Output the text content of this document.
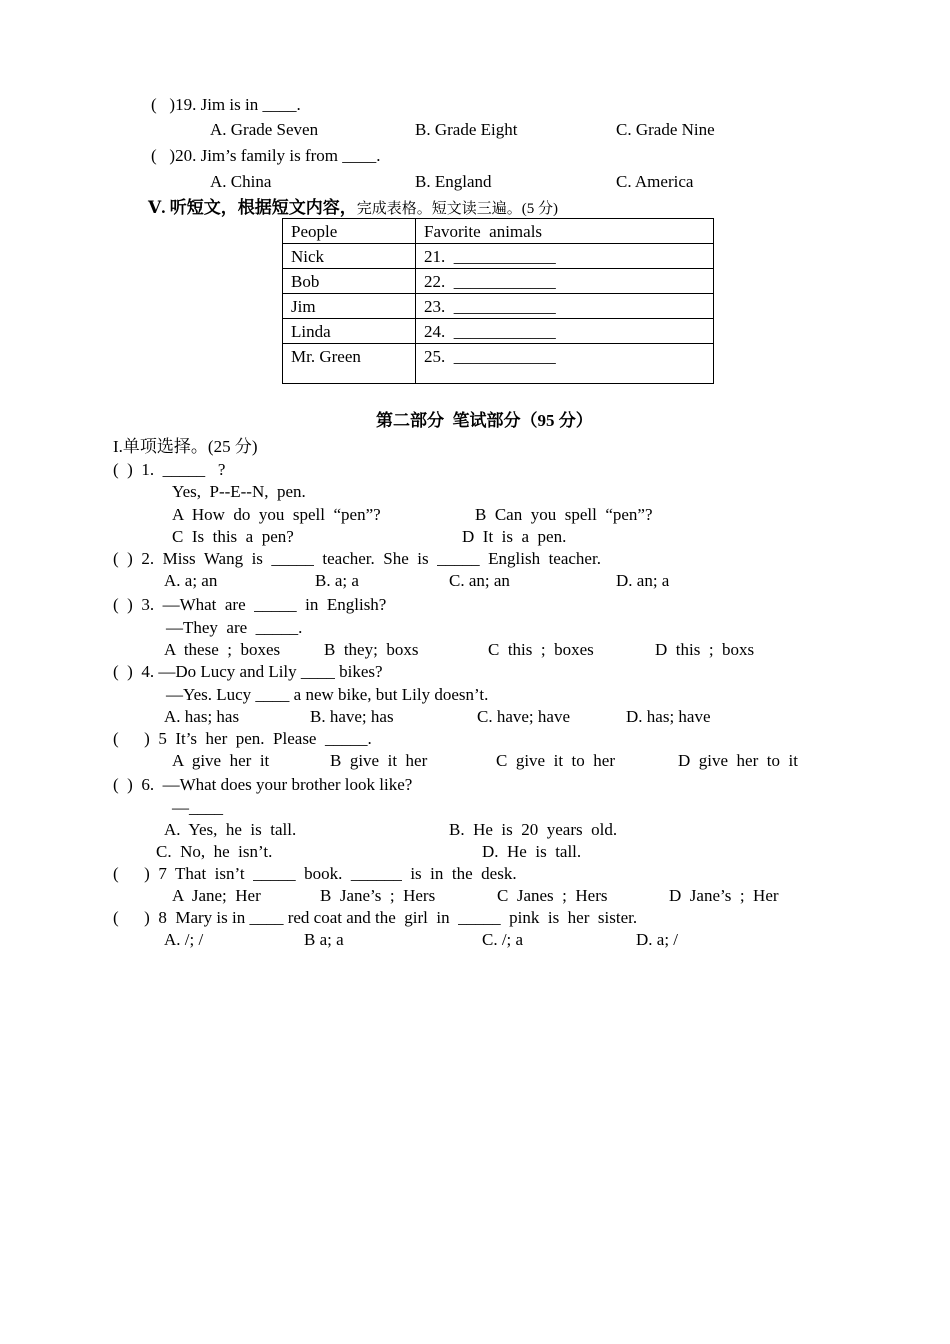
(   )19. Jim is in ____.
A. Grade Seven	B. Grade Eight	C. Grade Nine
(   )20. Jim’s family is from ____.
A. China	B. England	C. America
Ⅴ. 听短文，根据短文内容，完成表格。短文读三遍。(5 分)
People	Favorite  animals
Nick	21.  ____________
Bob	22.  ____________
Jim	23.  ____________
Linda	24.  ____________
Mr. Green	25.  ____________
第二部分  笔试部分（95 分）
I.单项选择。(25 分)
(  )  1.  _____   ?
Yes,  P--E--N,  pen.
A  How  do  you  spell  “pen”?	B  Can  you  spell  “pen”?
C  Is  this  a  pen?	D  It  is  a  pen.
(  )  2.  Miss  Wang  is  _____  teacher.  She  is  _____  English  teacher.
A. a; an	B. a; a	C. an; an	D. an; a
(  )  3.  —What  are  _____  in  English?
—They  are  _____.
A  these  ;  boxes	B  they;  boxs	C  this  ;  boxes	D  this  ;  boxs
(  )  4. —Do Lucy and Lily ____ bikes?
—Yes. Lucy ____ a new bike, but Lily doesn’t.
A. has; has	B. have; has	C. have; have	D. has; have
(      )  5  It’s  her  pen.  Please  _____.
A  give  her  it	B  give  it  her	C  give  it  to  her	D  give  her  to  it
(  )  6.  —What does your brother look like?
—____
A.  Yes,  he  is  tall.	B.  He  is  20  years  old.
C.  No,  he  isn’t.	D.  He  is  tall.
(      )  7  That  isn’t  _____  book.  ______  is  in  the  desk.
A  Jane;  Her	B  Jane’s  ;  Hers	C  Janes  ;  Hers	D  Jane’s  ;  Her
(      )  8  Mary is in ____ red coat and the  girl  in  _____  pink  is  her  sister.
A. /; /	B a; a	C. /; a	D. a; /
